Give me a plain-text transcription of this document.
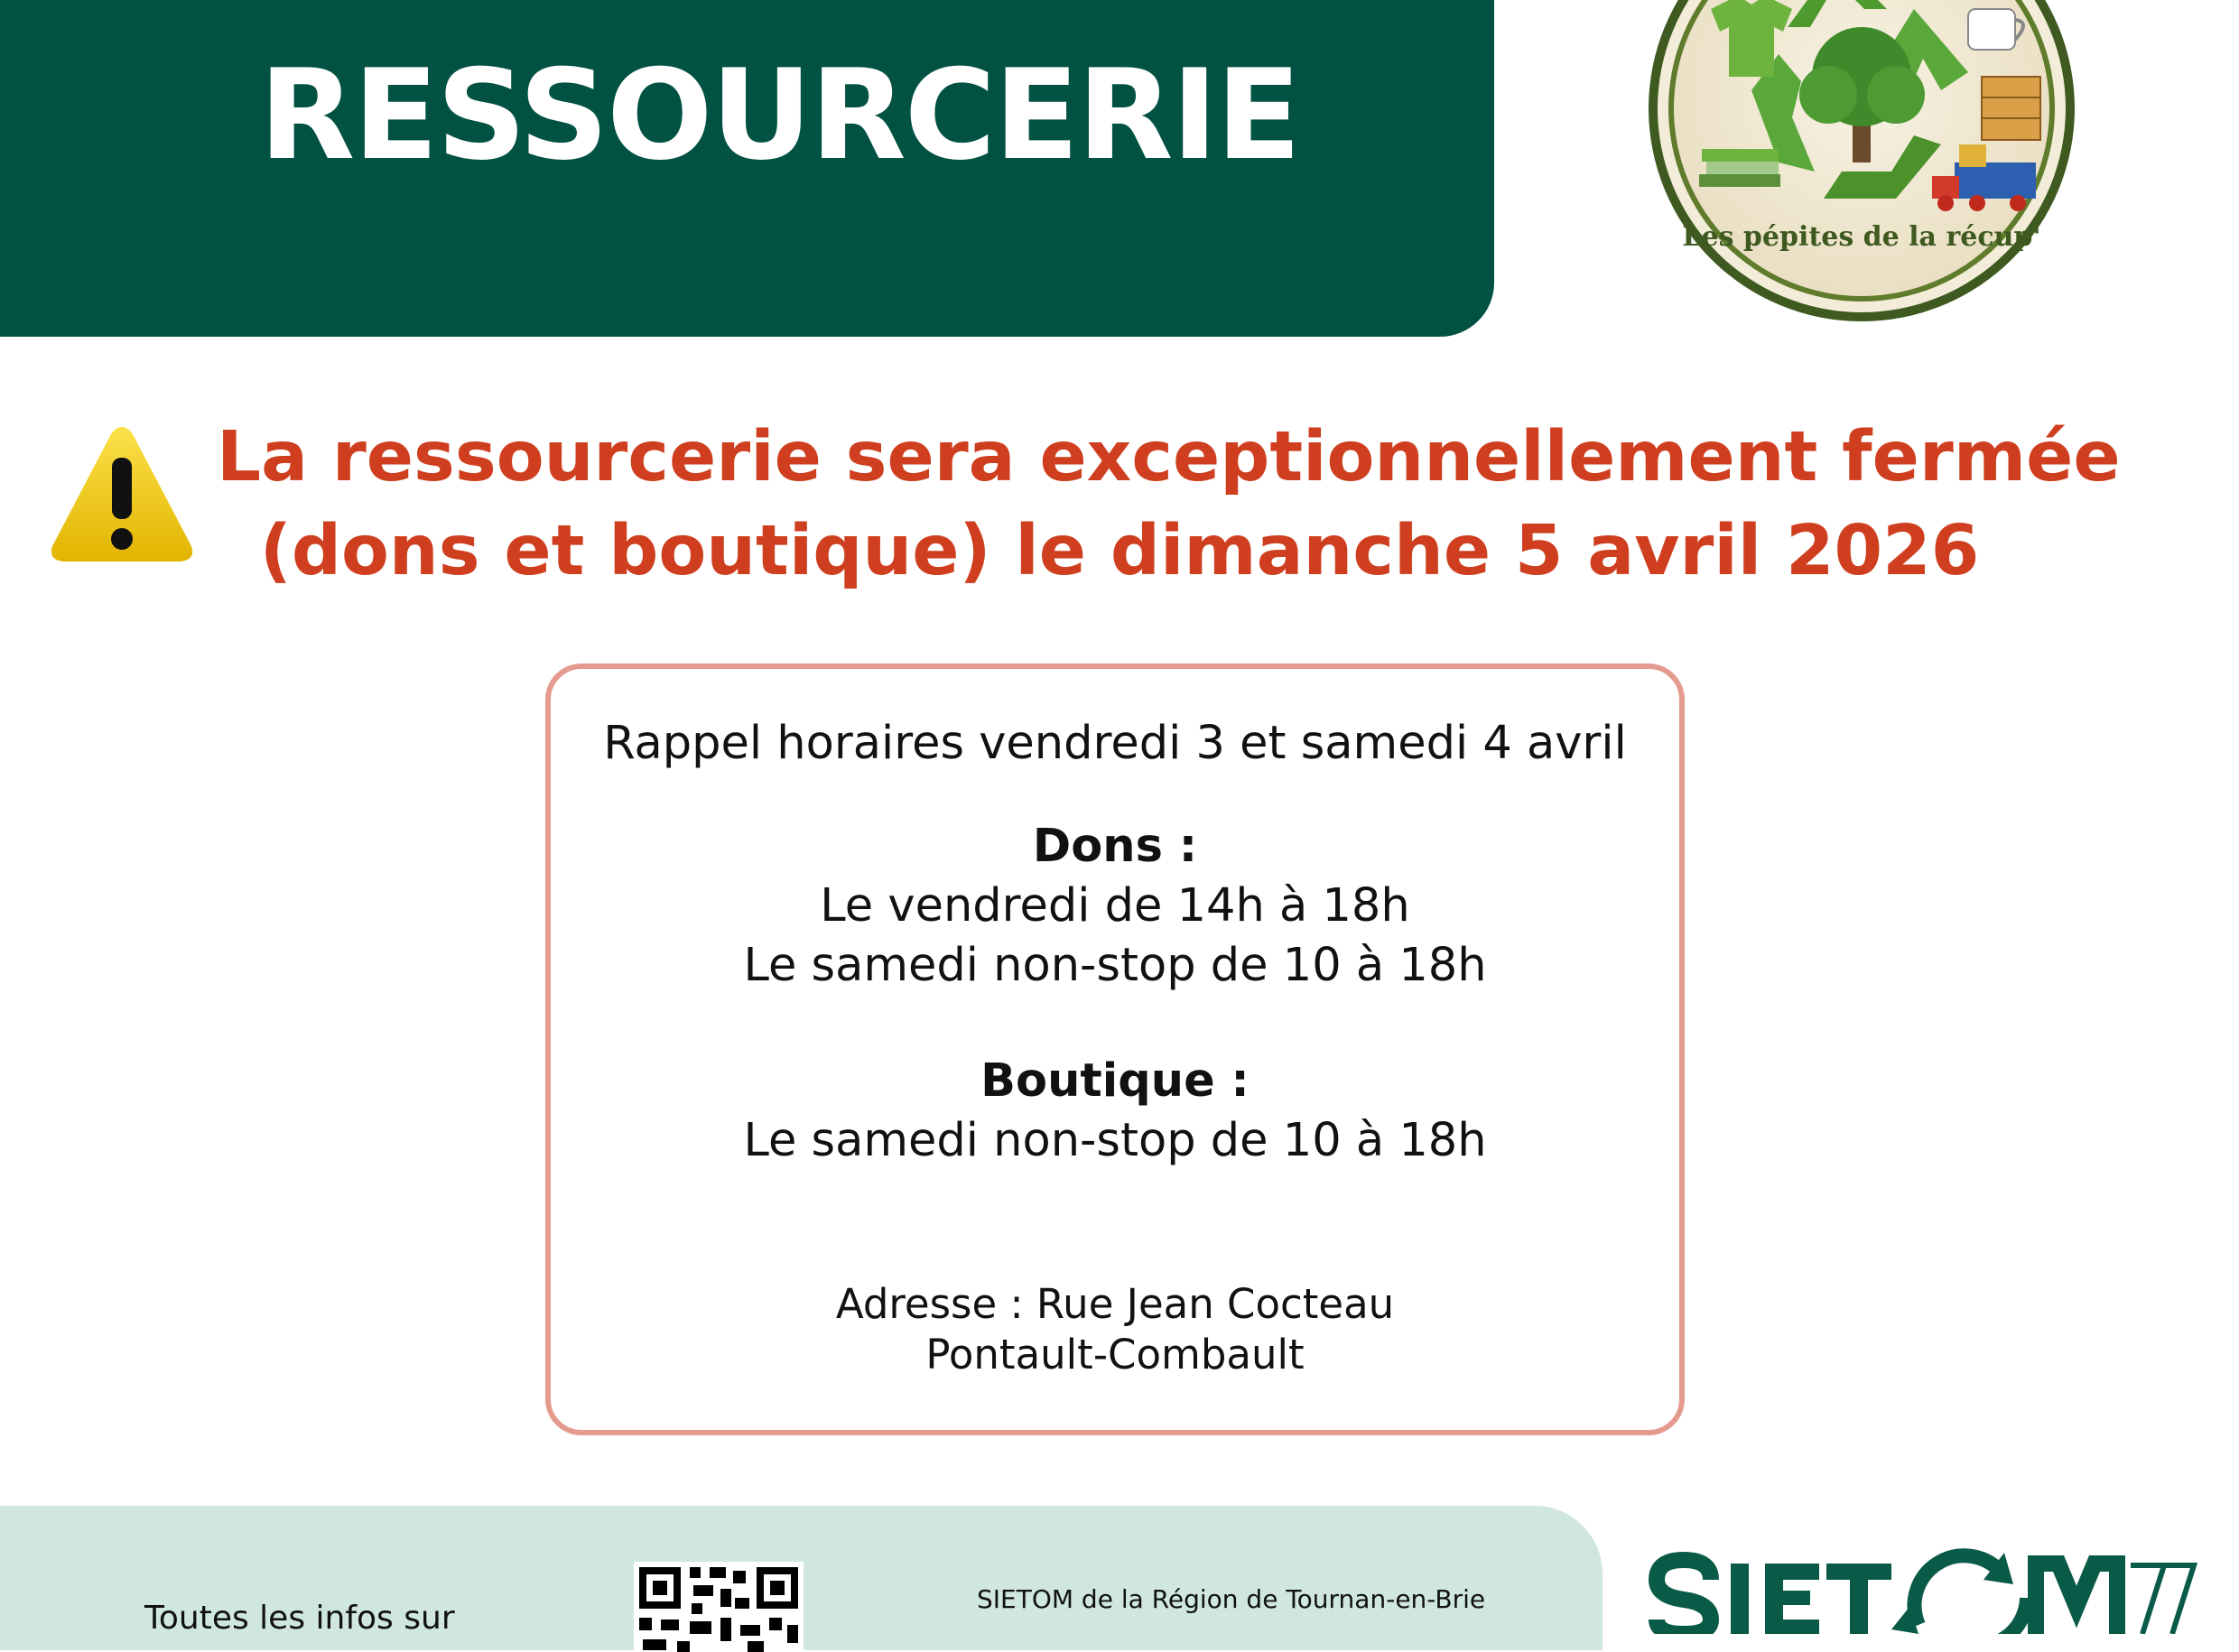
RESSOURCERIE
Les pépites de la récup'
La ressourcerie sera exceptionnellement fermée
(dons et boutique) le dimanche 5 avril 2026
Rappel horaires vendredi 3 et samedi 4 avril
Dons :
Le vendredi de 14h à 18h
Le samedi non-stop de 10 à 18h
Boutique :
Le samedi non-stop de 10 à 18h
Adresse : Rue Jean Cocteau
Pontault-Combault
Toutes les infos sur
SIETOM de la Région de Tournan-en-Brie
